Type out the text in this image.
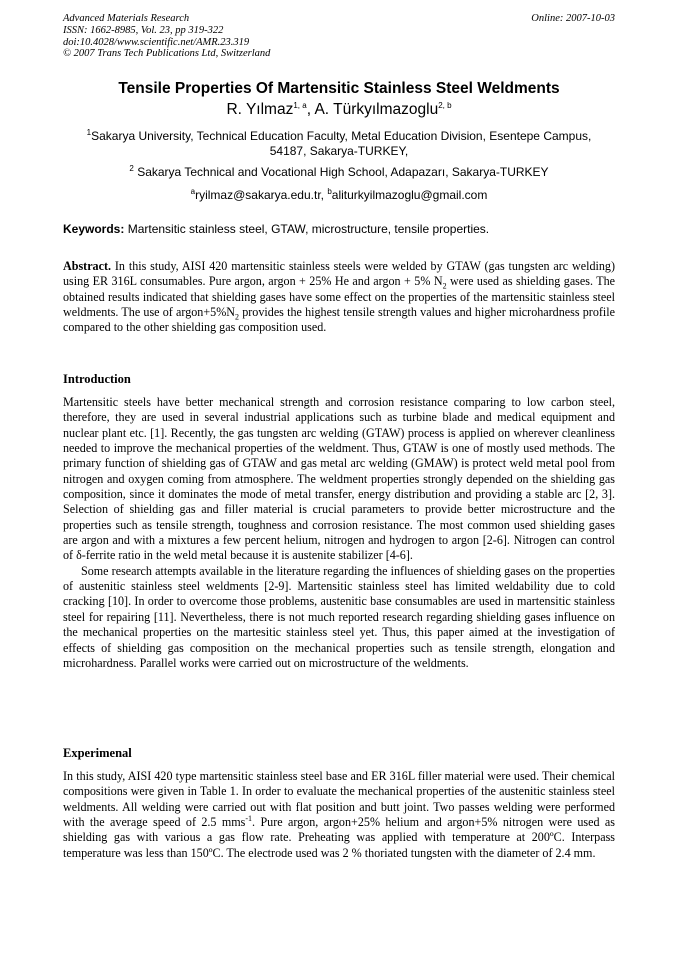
Advanced Materials Research
ISSN: 1662-8985, Vol. 23, pp 319-322
doi:10.4028/www.scientific.net/AMR.23.319
© 2007 Trans Tech Publications Ltd, Switzerland
Online: 2007-10-03
Tensile Properties Of Martensitic Stainless Steel Weldments
R. Yılmaz$^{1, a}$, A. Türkyılmazoglu$^{2, b}$
$^1$Sakarya University, Technical Education Faculty, Metal Education Division, Esentepe Campus,
54187, Sakarya-TURKEY,
$^2$ Sakarya Technical and Vocational High School, Adapazarı, Sakarya-TURKEY
$^a$ryilmaz@sakarya.edu.tr, $^b$aliturkyilmazoglu@gmail.com
Keywords: Martensitic stainless steel, GTAW, microstructure, tensile properties.

Abstract. In this study, AISI 420 martensitic stainless steels were welded by GTAW (gas tungsten arc welding) using ER 316L consumables. Pure argon, argon + 25% He and argon + 5% $N_2$ were used as shielding gases. The obtained results indicated that shielding gases have some effect on the properties of the martensitic stainless steel weldments. The use of $argon+5\%N_2$ provides the highest tensile strength values and higher microhardness profile compared to the other shielding gas composition used.

Introduction

Martensitic steels have better mechanical strength and corrosion resistance comparing to low carbon steel, therefore, they are used in several industrial applications such as turbine blade and medical equipment and nuclear plant etc. [1]. Recently, the gas tungsten arc welding (GTAW) process is applied on wherever cleanliness needed to improve the mechanical properties of the weldment. Thus, GTAW is one of mostly used methods. The primary function of shielding gas of GTAW and gas metal arc welding (GMAW) is protect weld metal pool from nitrogen and oxygen coming from atmosphere. The weldment properties strongly depended on the shielding gas composition, since it dominates the mode of metal transfer, energy distribution and providing a stable arc [2, 3]. Selection of shielding gas and filler material is crucial parameters to provide better microstructure and the properties such as tensile strength, toughness and corrosion resistance. The most common used shielding gases are argon and with a mixtures a few percent helium, nitrogen and hydrogen to argon [2-6]. Nitrogen can control of δ-ferrite ratio in the weld metal because it is austenite stabilizer [4-6].

Some research attempts available in the literature regarding the influences of shielding gases on the properties of austenitic stainless steel weldments [2-9]. Martensitic stainless steel has limited weldability due to cold cracking [10]. In order to overcome those problems, austenitic base consumables are used in martensitic stainless steel for repairing [11]. Nevertheless, there is not much reported research regarding shielding gases influence on the mechanical properties on the martesitic stainless steel yet. Thus, this paper aimed at the investigation of effects of shielding gas composition on the mechanical properties such as tensile strength, elongation and microhardness. Parallel works were carried out on microstructure of the weldments.

Experimenal

In this study, AISI 420 type martensitic stainless steel base and ER 316L filler material were used. Their chemical compositions were given in Table 1. In order to evaluate the mechanical properties of the austenitic stainless steel weldments. All welding were carried out with flat position and butt joint. Two passes welding were performed with the average speed of 2.5 mms$^{-1}$. Pure argon, argon+25% helium and argon+5% nitrogen were used as shielding gas with various a gas flow rate. Preheating was applied with temperature at 200ºC. Interpass temperature was less than 150ºC. The electrode used was 2 % thoriated tungsten with the diameter of 2.4 mm.
